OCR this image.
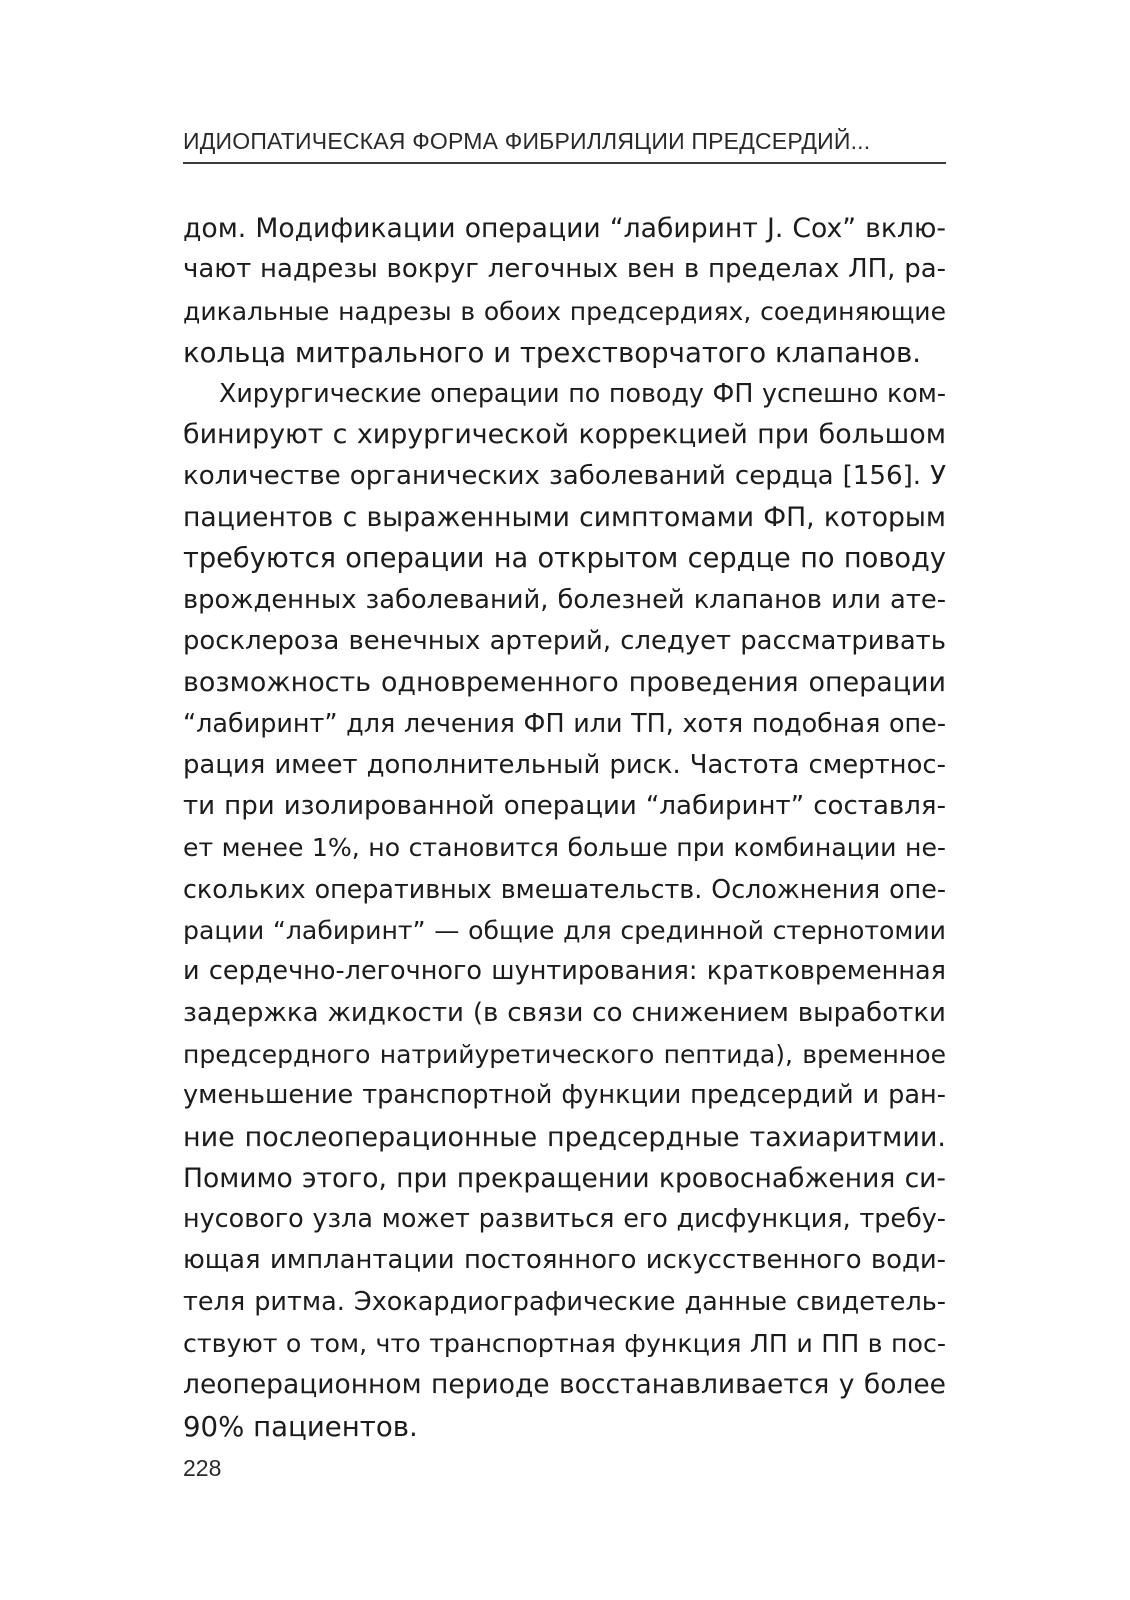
ИДИОПАТИЧЕСКАЯ ФОРМА ФИБРИЛЛЯЦИИ ПРЕДСЕРДИЙ...
дом. Модификации операции “лабиринт J. Cox” вклю-
чают надрезы вокруг легочных вен в пределах ЛП, ра-
дикальные надрезы в обоих предсердиях, соединяющие
кольца митрального и трехстворчатого клапанов.
Хирургические операции по поводу ФП успешно ком-
бинируют с хирургической коррекцией при большом
количестве органических заболеваний сердца [156]. У
пациентов с выраженными симптомами ФП, которым
требуются операции на открытом сердце по поводу
врожденных заболеваний, болезней клапанов или ате-
росклероза венечных артерий, следует рассматривать
возможность одновременного проведения операции
“лабиринт” для лечения ФП или ТП, хотя подобная опе-
рация имеет дополнительный риск. Частота смертнос-
ти при изолированной операции “лабиринт” составля-
ет менее 1%, но становится больше при комбинации не-
скольких оперативных вмешательств. Осложнения опе-
рации “лабиринт” — общие для срединной стернотомии
и сердечно-легочного шунтирования: кратковременная
задержка жидкости (в связи со снижением выработки
предсердного натрийуретического пептида), временное
уменьшение транспортной функции предсердий и ран-
ние послеоперационные предсердные тахиаритмии.
Помимо этого, при прекращении кровоснабжения си-
нусового узла может развиться его дисфункция, требу-
ющая имплантации постоянного искусственного води-
теля ритма. Эхокардиографические данные свидетель-
ствуют о том, что транспортная функция ЛП и ПП в пос-
леоперационном периоде восстанавливается у более
90% пациентов.
228
